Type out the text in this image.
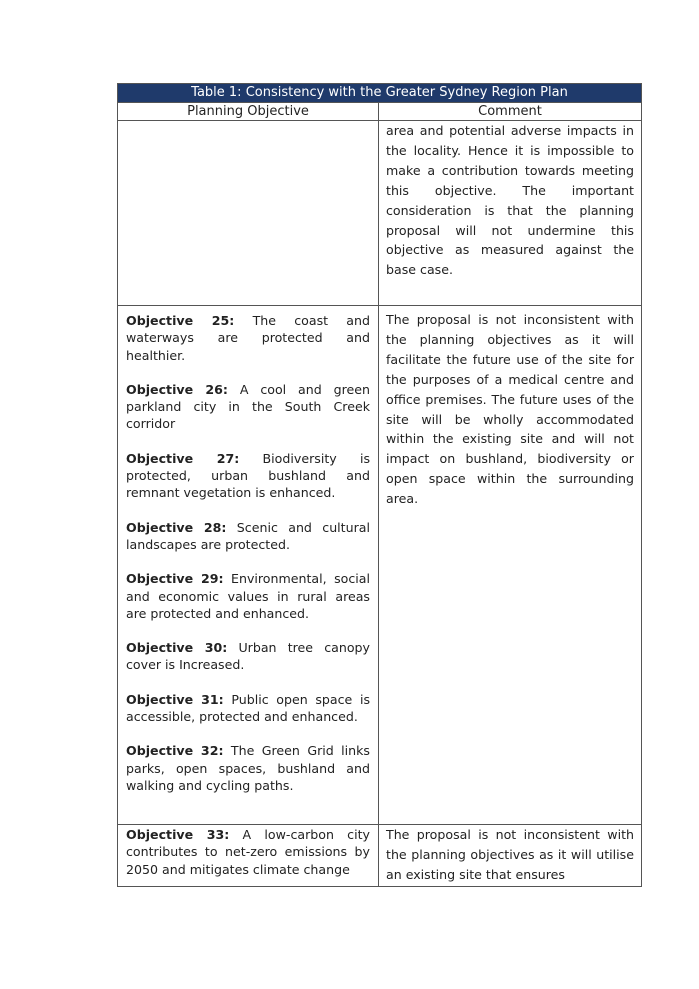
Table 1: Consistency with the Greater Sydney Region Plan
Planning Objective	Comment

area and potential adverse impacts in the locality. Hence it is impossible to make a contribution towards meeting this objective. The important consideration is that the planning proposal will not undermine this objective as measured against the base case.

Objective 25: The coast and waterways are protected and healthier.

Objective 26: A cool and green parkland city in the South Creek corridor

Objective 27: Biodiversity is protected, urban bushland and remnant vegetation is enhanced.

Objective 28: Scenic and cultural landscapes are protected.

Objective 29: Environmental, social and economic values in rural areas are protected and enhanced.

Objective 30: Urban tree canopy cover is Increased.

Objective 31: Public open space is accessible, protected and enhanced.

Objective 32: The Green Grid links parks, open spaces, bushland and walking and cycling paths.

The proposal is not inconsistent with the planning objectives as it will facilitate the future use of the site for the purposes of a medical centre and office premises. The future uses of the site will be wholly accommodated within the existing site and will not impact on bushland, biodiversity or open space within the surrounding area.

Objective 33: A low-carbon city contributes to net-zero emissions by 2050 and mitigates climate change

The proposal is not inconsistent with the planning objectives as it will utilise an existing site that ensures
